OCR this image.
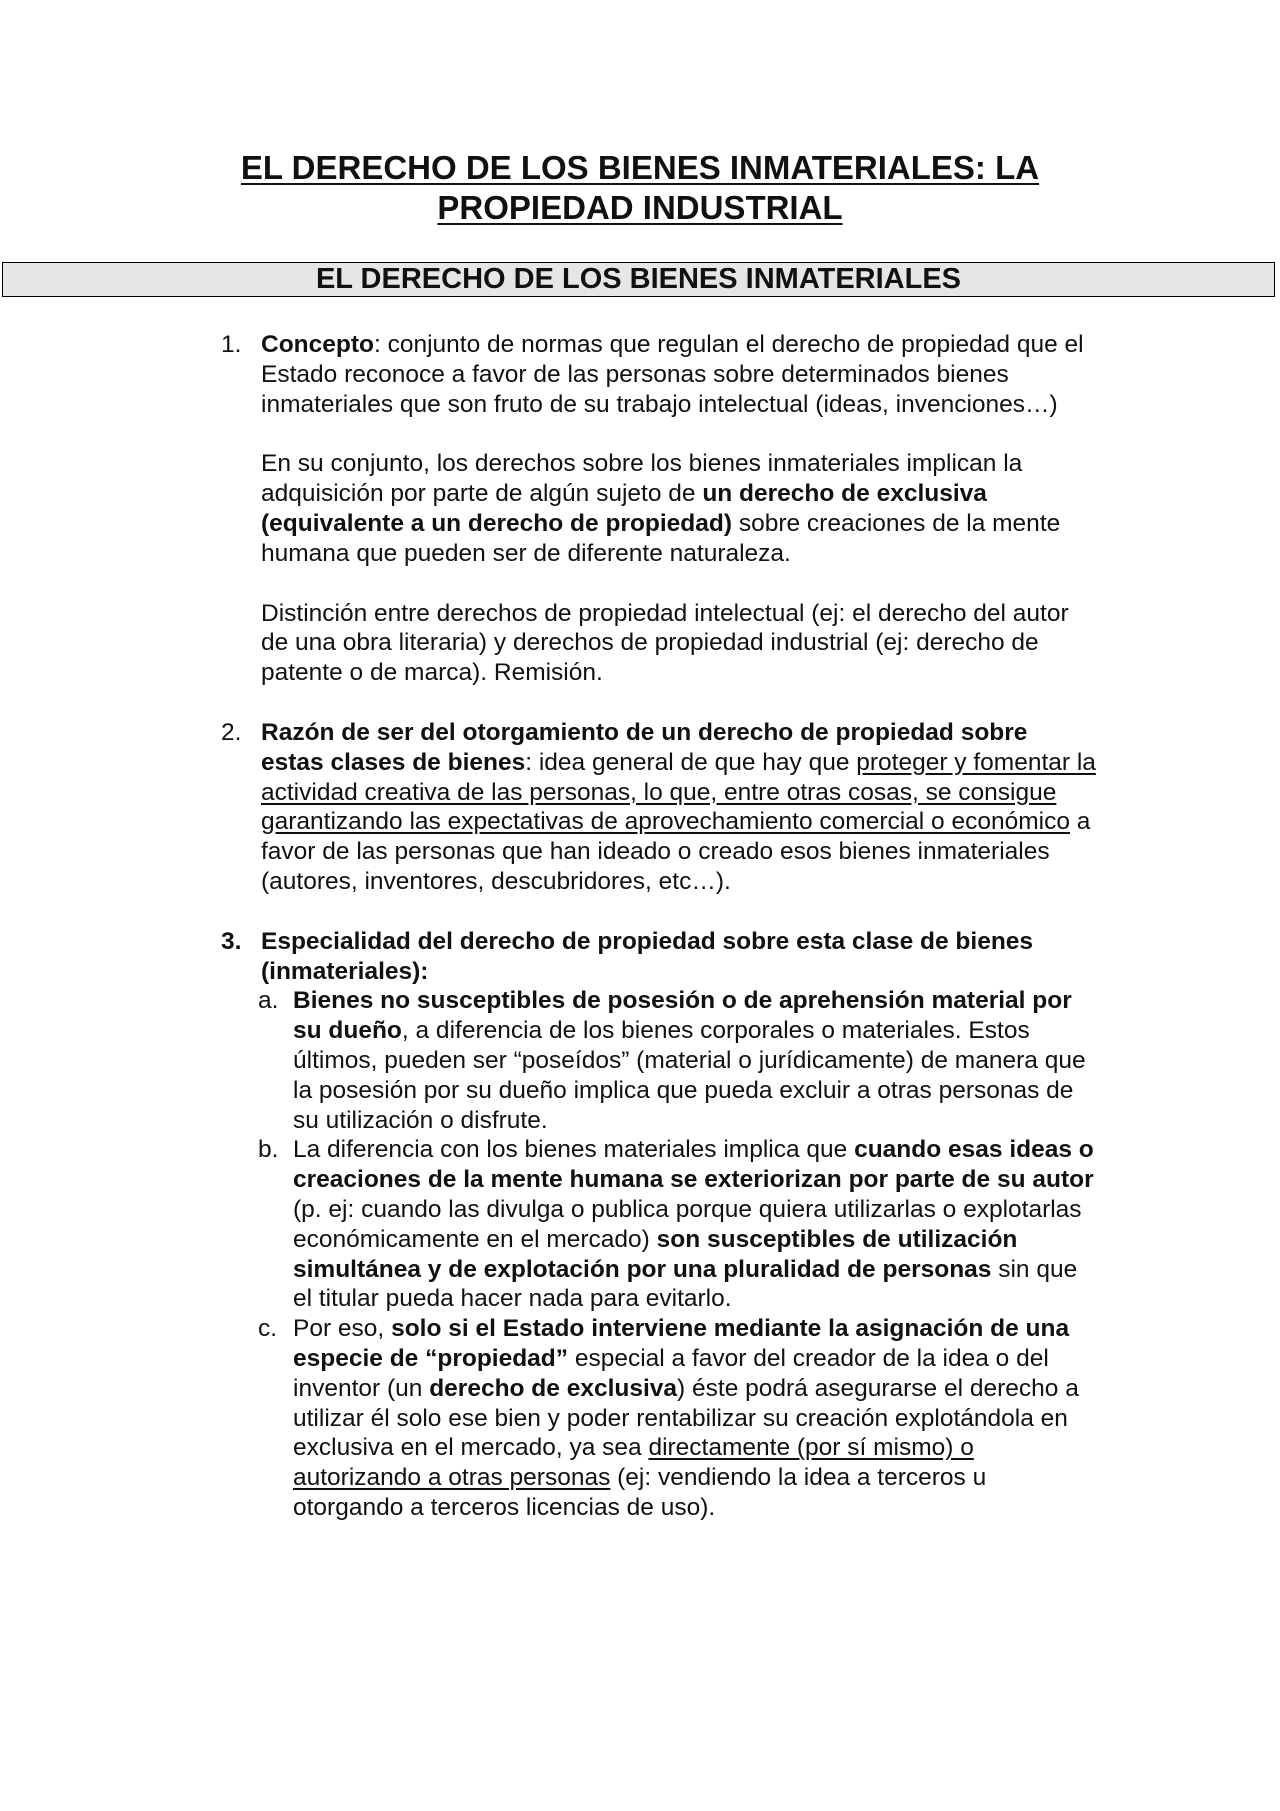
EL DERECHO DE LOS BIENES INMATERIALES: LA
PROPIEDAD INDUSTRIAL
EL DERECHO DE LOS BIENES INMATERIALES
1. Concepto: conjunto de normas que regulan el derecho de propiedad que el Estado reconoce a favor de las personas sobre determinados bienes inmateriales que son fruto de su trabajo intelectual (ideas, invenciones…)

En su conjunto, los derechos sobre los bienes inmateriales implican la adquisición por parte de algún sujeto de un derecho de exclusiva (equivalente a un derecho de propiedad) sobre creaciones de la mente humana que pueden ser de diferente naturaleza.

Distinción entre derechos de propiedad intelectual (ej: el derecho del autor de una obra literaria) y derechos de propiedad industrial (ej: derecho de patente o de marca). Remisión.

2. Razón de ser del otorgamiento de un derecho de propiedad sobre estas clases de bienes: idea general de que hay que proteger y fomentar la actividad creativa de las personas, lo que, entre otras cosas, se consigue garantizando las expectativas de aprovechamiento comercial o económico a favor de las personas que han ideado o creado esos bienes inmateriales (autores, inventores, descubridores, etc…).

3. Especialidad del derecho de propiedad sobre esta clase de bienes (inmateriales):

a. Bienes no susceptibles de posesión o de aprehensión material por su dueño, a diferencia de los bienes corporales o materiales. Estos últimos, pueden ser “poseídos” (material o jurídicamente) de manera que la posesión por su dueño implica que pueda excluir a otras personas de su utilización o disfrute.

b. La diferencia con los bienes materiales implica que cuando esas ideas o creaciones de la mente humana se exteriorizan por parte de su autor (p. ej: cuando las divulga o publica porque quiera utilizarlas o explotarlas económicamente en el mercado) son susceptibles de utilización simultánea y de explotación por una pluralidad de personas sin que el titular pueda hacer nada para evitarlo.

c. Por eso, solo si el Estado interviene mediante la asignación de una especie de “propiedad” especial a favor del creador de la idea o del inventor (un derecho de exclusiva) éste podrá asegurarse el derecho a utilizar él solo ese bien y poder rentabilizar su creación explotándola en exclusiva en el mercado, ya sea directamente (por sí mismo) o autorizando a otras personas (ej: vendiendo la idea a terceros u otorgando a terceros licencias de uso).
